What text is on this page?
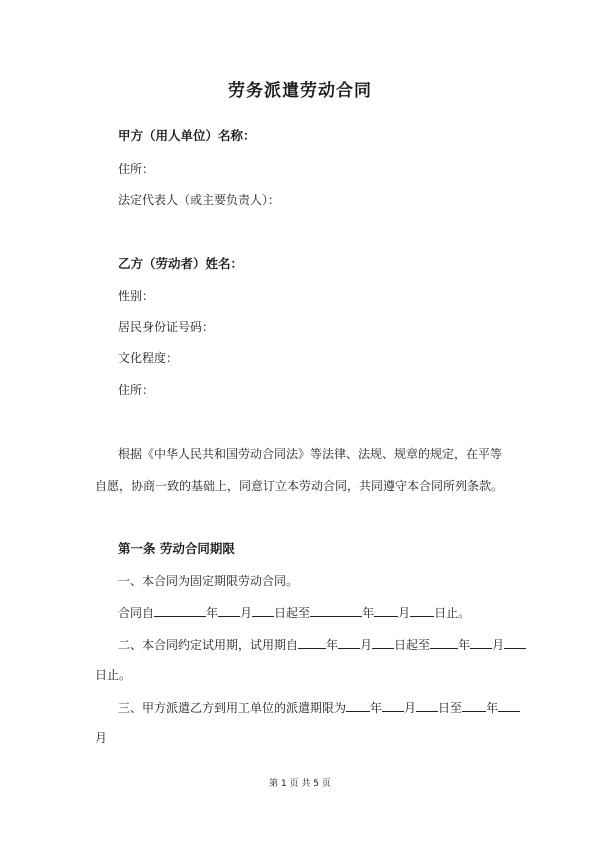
劳务派遣劳动合同
甲方（用人单位）名称：
住所：
法定代表人（或主要负责人）：
乙方（劳动者）姓名：
性别：
居民身份证号码：
文化程度：
住所：
根据《中华人民共和国劳动合同法》等法律、法规、规章的规定，在平等
自愿，协商一致的基础上，同意订立本劳动合同，共同遵守本合同所列条款。
第一条 劳动合同期限
一、本合同为固定期限劳动合同。
合同自	年 月 日起至	年 月 日止。
二、本合同约定试用期，试用期自 年 月 日起至 年 月
日止。
三、甲方派遣乙方到用工单位的派遣期限为 年 月 日至 年
月
第 1 页 共 5 页
